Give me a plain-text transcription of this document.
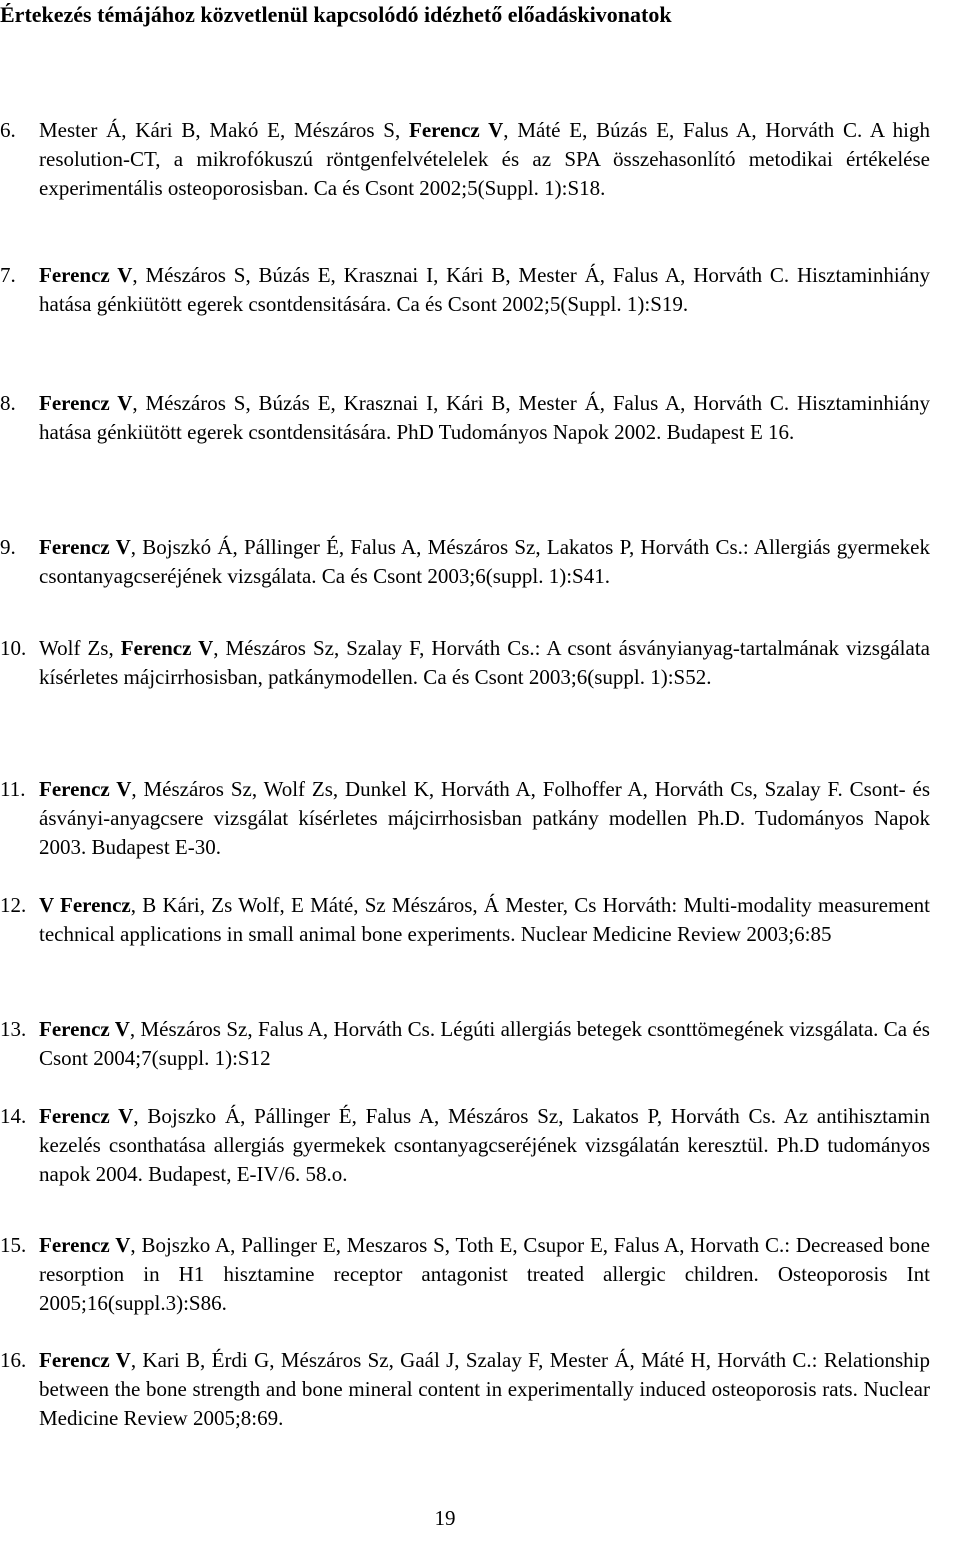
Értekezés témájához közvetlenül kapcsolódó idézhető előadáskivonatok
6. Mester Á, Kári B, Makó E, Mészáros S, Ferencz V, Máté E, Búzás E, Falus A, Horváth C. A high resolution-CT, a mikrofókuszú röntgenfelvételelek és az SPA összehasonlító metodikai értékelése experimentális osteoporosisban. Ca és Csont 2002;5(Suppl. 1):S18.
7. Ferencz V, Mészáros S, Búzás E, Krasznai I, Kári B, Mester Á, Falus A, Horváth C. Hisztaminhiány hatása génkiütött egerek csontdensitására. Ca és Csont 2002;5(Suppl. 1):S19.
8. Ferencz V, Mészáros S, Búzás E, Krasznai I, Kári B, Mester Á, Falus A, Horváth C. Hisztaminhiány hatása génkiütött egerek csontdensitására. PhD Tudományos Napok 2002. Budapest E 16.
9. Ferencz V, Bojszkó Á, Pállinger É, Falus A, Mészáros Sz, Lakatos P, Horváth Cs.: Allergiás gyermekek csontanyagcseréjének vizsgálata. Ca és Csont 2003;6(suppl. 1):S41.
10. Wolf Zs, Ferencz V, Mészáros Sz, Szalay F, Horváth Cs.: A csont ásványianyag-tartalmának vizsgálata kísérletes májcirrhosisban, patkánymodellen. Ca és Csont 2003;6(suppl. 1):S52.
11. Ferencz V, Mészáros Sz, Wolf Zs, Dunkel K, Horváth A, Folhoffer A, Horváth Cs, Szalay F. Csont- és ásványi-anyagcsere vizsgálat kísérletes májcirrhosisban patkány modellen Ph.D. Tudományos Napok 2003. Budapest E-30.
12. V Ferencz, B Kári, Zs Wolf, E Máté, Sz Mészáros, Á Mester, Cs Horváth: Multi-modality measurement technical applications in small animal bone experiments. Nuclear Medicine Review 2003;6:85
13. Ferencz V, Mészáros Sz, Falus A, Horváth Cs. Légúti allergiás betegek csonttömegének vizsgálata. Ca és Csont 2004;7(suppl. 1):S12
14. Ferencz V, Bojszko Á, Pállinger É, Falus A, Mészáros Sz, Lakatos P, Horváth Cs. Az antihisztamin kezelés csonthatása allergiás gyermekek csontanyagcseréjének vizsgálatán keresztül. Ph.D tudományos napok 2004. Budapest, E-IV/6. 58.o.
15. Ferencz V, Bojszko A, Pallinger E, Meszaros S, Toth E, Csupor E, Falus A, Horvath C.: Decreased bone resorption in H1 hisztamine receptor antagonist treated allergic children. Osteoporosis Int 2005;16(suppl.3):S86.
16. Ferencz V, Kari B, Érdi G, Mészáros Sz, Gaál J, Szalay F, Mester Á, Máté H, Horváth C.: Relationship between the bone strength and bone mineral content in experimentally induced osteoporosis rats. Nuclear Medicine Review 2005;8:69.
19
